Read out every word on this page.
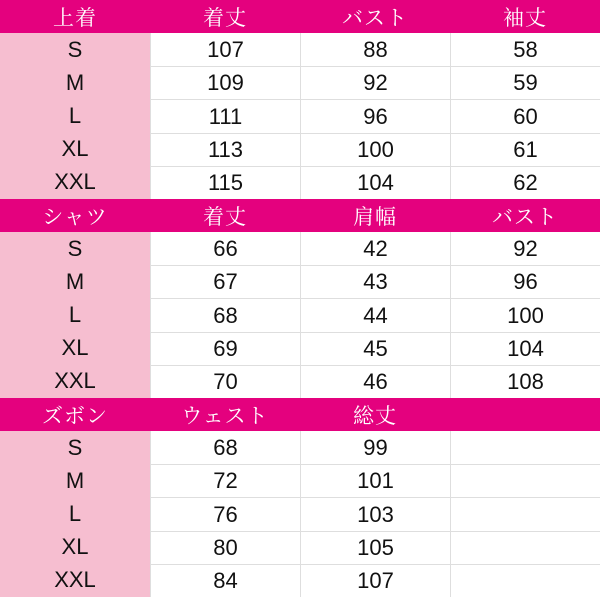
上着	着丈	バスト	袖丈
S	107	88	58
M	109	92	59
L	111	96	60
XL	113	100	61
XXL	115	104	62
シャツ	着丈	肩幅	バスト
S	66	42	92
M	67	43	96
L	68	44	100
XL	69	45	104
XXL	70	46	108
ズボン	ウェスト	総丈
S	68	99
M	72	101
L	76	103
XL	80	105
XXL	84	107
